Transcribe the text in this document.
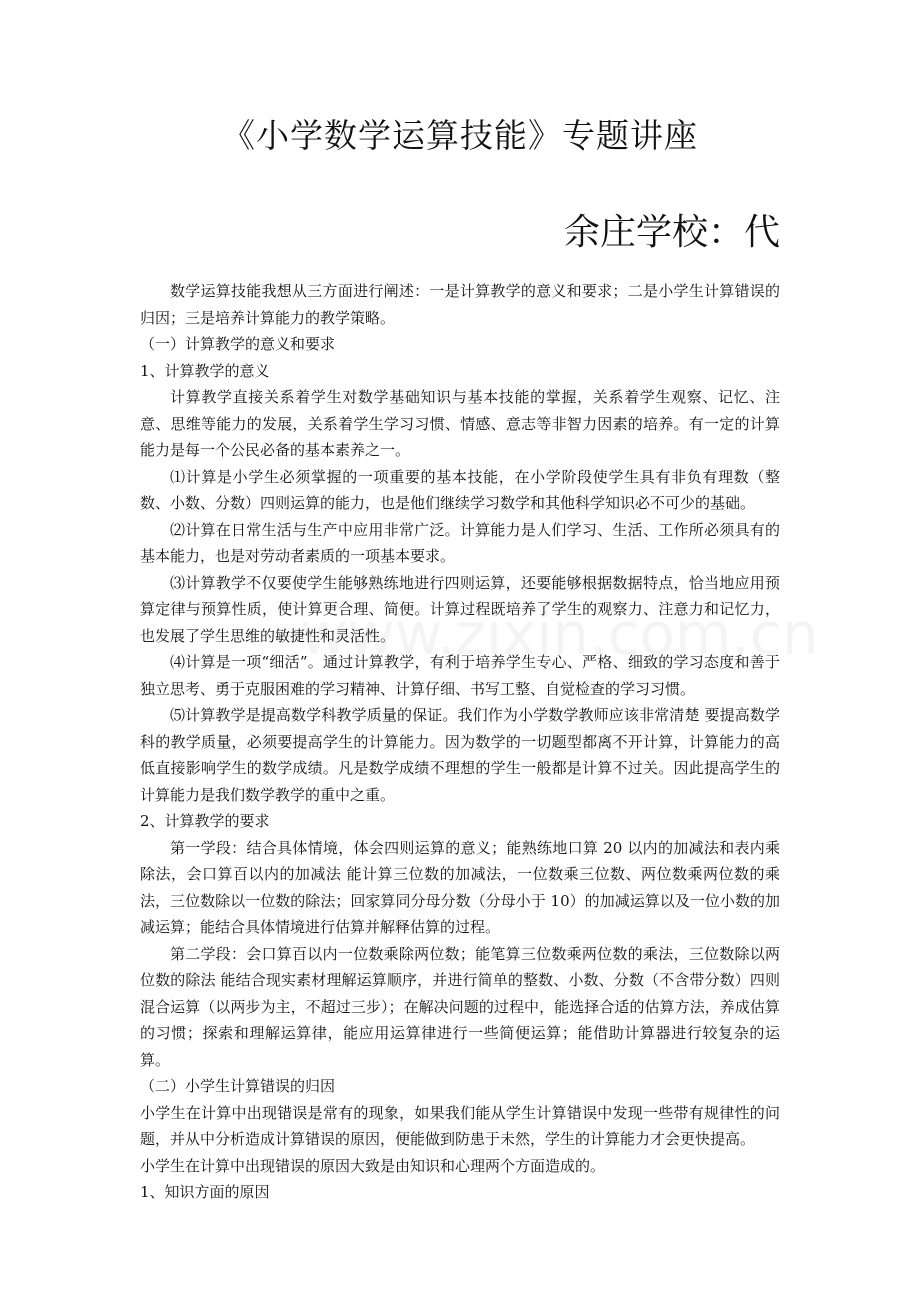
《小学数学运算技能》专题讲座
余庄学校：代

数学运算技能我想从三方面进行阐述：一是计算教学的意义和要求；二是小学生计算错误的归因；三是培养计算能力的教学策略。

（一）计算教学的意义和要求

1、计算教学的意义

计算教学直接关系着学生对数学基础知识与基本技能的掌握，关系着学生观察、记忆、注意、思维等能力的发展，关系着学生学习习惯、情感、意志等非智力因素的培养。有一定的计算能力是每一个公民必备的基本素养之一。

⑴计算是小学生必须掌握的一项重要的基本技能，在小学阶段使学生具有非负有理数（整数、小数、分数）四则运算的能力，也是他们继续学习数学和其他科学知识必不可少的基础。

⑵计算在日常生活与生产中应用非常广泛。计算能力是人们学习、生活、工作所必须具有的基本能力，也是对劳动者素质的一项基本要求。

⑶计算教学不仅要使学生能够熟练地进行四则运算，还要能够根据数据特点，恰当地应用预算定律与预算性质，使计算更合理、简便。计算过程既培养了学生的观察力、注意力和记忆力，也发展了学生思维的敏捷性和灵活性。

⑷计算是一项“细活”。通过计算教学，有利于培养学生专心、严格、细致的学习态度和善于独立思考、勇于克服困难的学习精神、计算仔细、书写工整、自觉检查的学习习惯。

⑸计算教学是提高数学科教学质量的保证。我们作为小学数学教师应该非常清楚 要提高数学科的教学质量，必须要提高学生的计算能力。因为数学的一切题型都离不开计算，计算能力的高低直接影响学生的数学成绩。凡是数学成绩不理想的学生一般都是计算不过关。因此提高学生的计算能力是我们数学教学的重中之重。

2、计算教学的要求

第一学段：结合具体情境，体会四则运算的意义；能熟练地口算 20 以内的加减法和表内乘除法，会口算百以内的加减法 能计算三位数的加减法，一位数乘三位数、两位数乘两位数的乘法，三位数除以一位数的除法；回家算同分母分数（分母小于 10）的加减运算以及一位小数的加减运算；能结合具体情境进行估算并解释估算的过程。

第二学段：会口算百以内一位数乘除两位数；能笔算三位数乘两位数的乘法，三位数除以两位数的除法 能结合现实素材理解运算顺序，并进行简单的整数、小数、分数（不含带分数）四则混合运算（以两步为主，不超过三步）；在解决问题的过程中，能选择合适的估算方法，养成估算的习惯；探索和理解运算律，能应用运算律进行一些简便运算；能借助计算器进行较复杂的运算。

（二）小学生计算错误的归因

小学生在计算中出现错误是常有的现象，如果我们能从学生计算错误中发现一些带有规律性的问题，并从中分析造成计算错误的原因，便能做到防患于未然，学生的计算能力才会更快提高。

小学生在计算中出现错误的原因大致是由知识和心理两个方面造成的。

1、知识方面的原因
